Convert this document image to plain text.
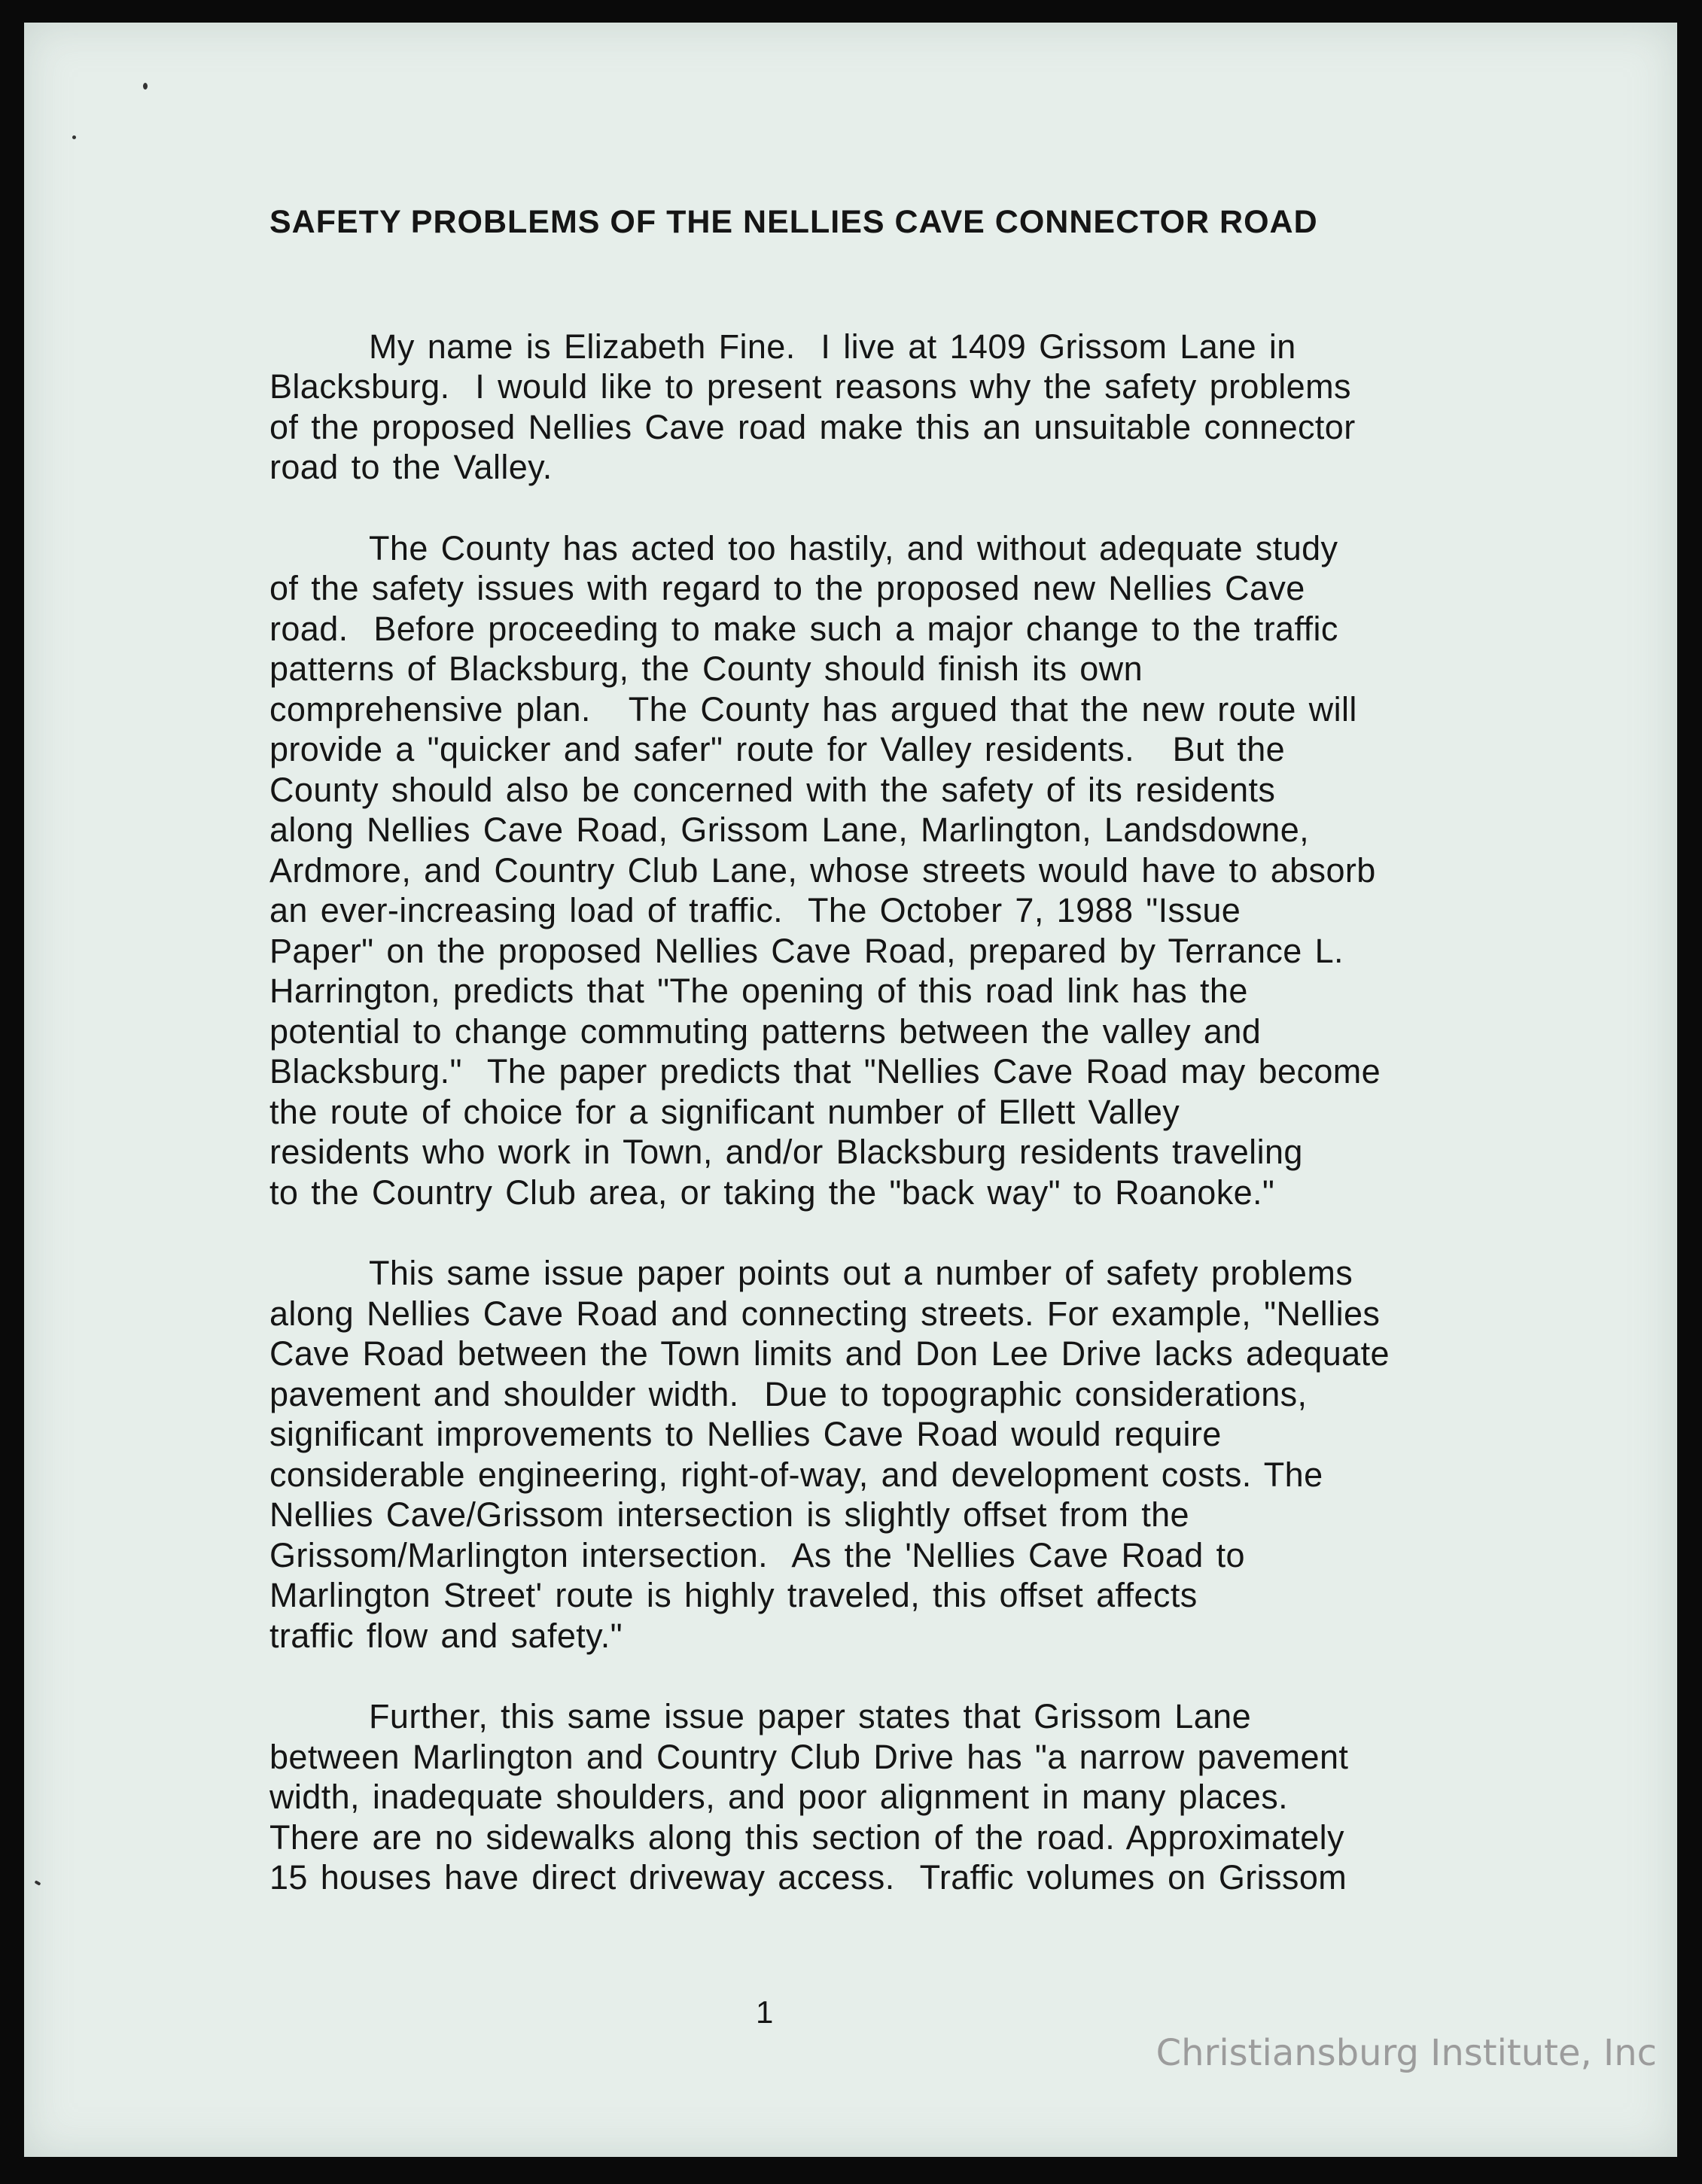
SAFETY PROBLEMS OF THE NELLIES CAVE CONNECTOR ROAD
My name is Elizabeth Fine.  I live at 1409 Grissom Lane in
Blacksburg.  I would like to present reasons why the safety problems
of the proposed Nellies Cave road make this an unsuitable connector
road to the Valley.
The County has acted too hastily, and without adequate study
of the safety issues with regard to the proposed new Nellies Cave
road.  Before proceeding to make such a major change to the traffic
patterns of Blacksburg, the County should finish its own
comprehensive plan.   The County has argued that the new route will
provide a "quicker and safer" route for Valley residents.   But the
County should also be concerned with the safety of its residents
along Nellies Cave Road, Grissom Lane, Marlington, Landsdowne,
Ardmore, and Country Club Lane, whose streets would have to absorb
an ever-increasing load of traffic.  The October 7, 1988 "Issue
Paper" on the proposed Nellies Cave Road, prepared by Terrance L.
Harrington, predicts that "The opening of this road link has the
potential to change commuting patterns between the valley and
Blacksburg."  The paper predicts that "Nellies Cave Road may become
the route of choice for a significant number of Ellett Valley
residents who work in Town, and/or Blacksburg residents traveling
to the Country Club area, or taking the "back way" to Roanoke."
This same issue paper points out a number of safety problems
along Nellies Cave Road and connecting streets. For example, "Nellies
Cave Road between the Town limits and Don Lee Drive lacks adequate
pavement and shoulder width.  Due to topographic considerations,
significant improvements to Nellies Cave Road would require
considerable engineering, right-of-way, and development costs. The
Nellies Cave/Grissom intersection is slightly offset from the
Grissom/Marlington intersection.  As the 'Nellies Cave Road to
Marlington Street' route is highly traveled, this offset affects
traffic flow and safety."
Further, this same issue paper states that Grissom Lane
between Marlington and Country Club Drive has "a narrow pavement
width, inadequate shoulders, and poor alignment in many places.
There are no sidewalks along this section of the road. Approximately
15 houses have direct driveway access.  Traffic volumes on Grissom
1
Christiansburg Institute, Inc
